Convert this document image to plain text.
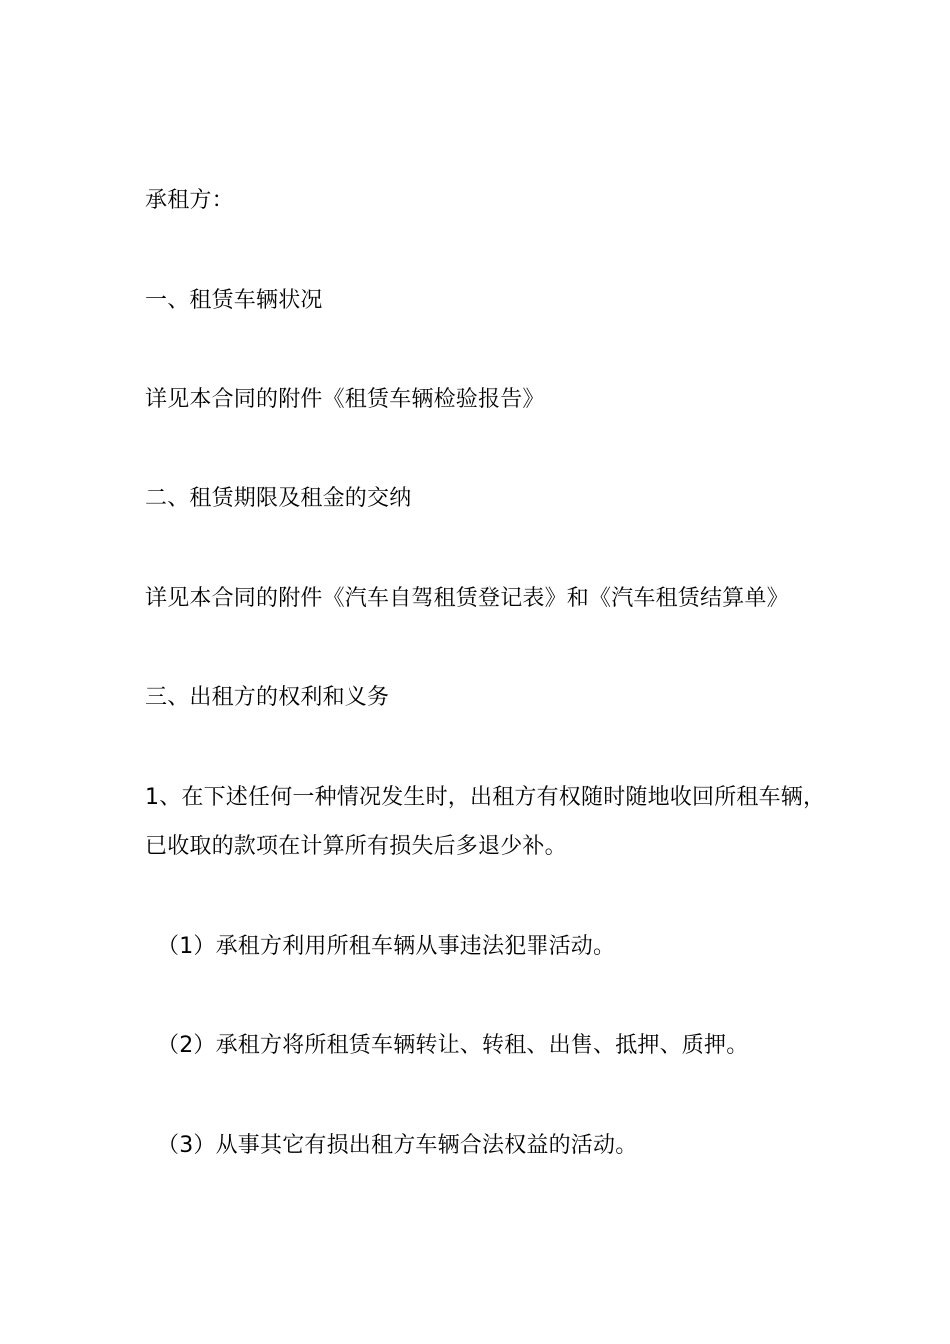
承租方：
一、租赁车辆状况
详见本合同的附件《租赁车辆检验报告》
二、租赁期限及租金的交纳
详见本合同的附件《汽车自驾租赁登记表》和《汽车租赁结算单》
三、出租方的权利和义务
1、在下述任何一种情况发生时，出租方有权随时随地收回所租车辆，
已收取的款项在计算所有损失后多退少补。
（1）承租方利用所租车辆从事违法犯罪活动。
（2）承租方将所租赁车辆转让、转租、出售、抵押、质押。
（3）从事其它有损出租方车辆合法权益的活动。
